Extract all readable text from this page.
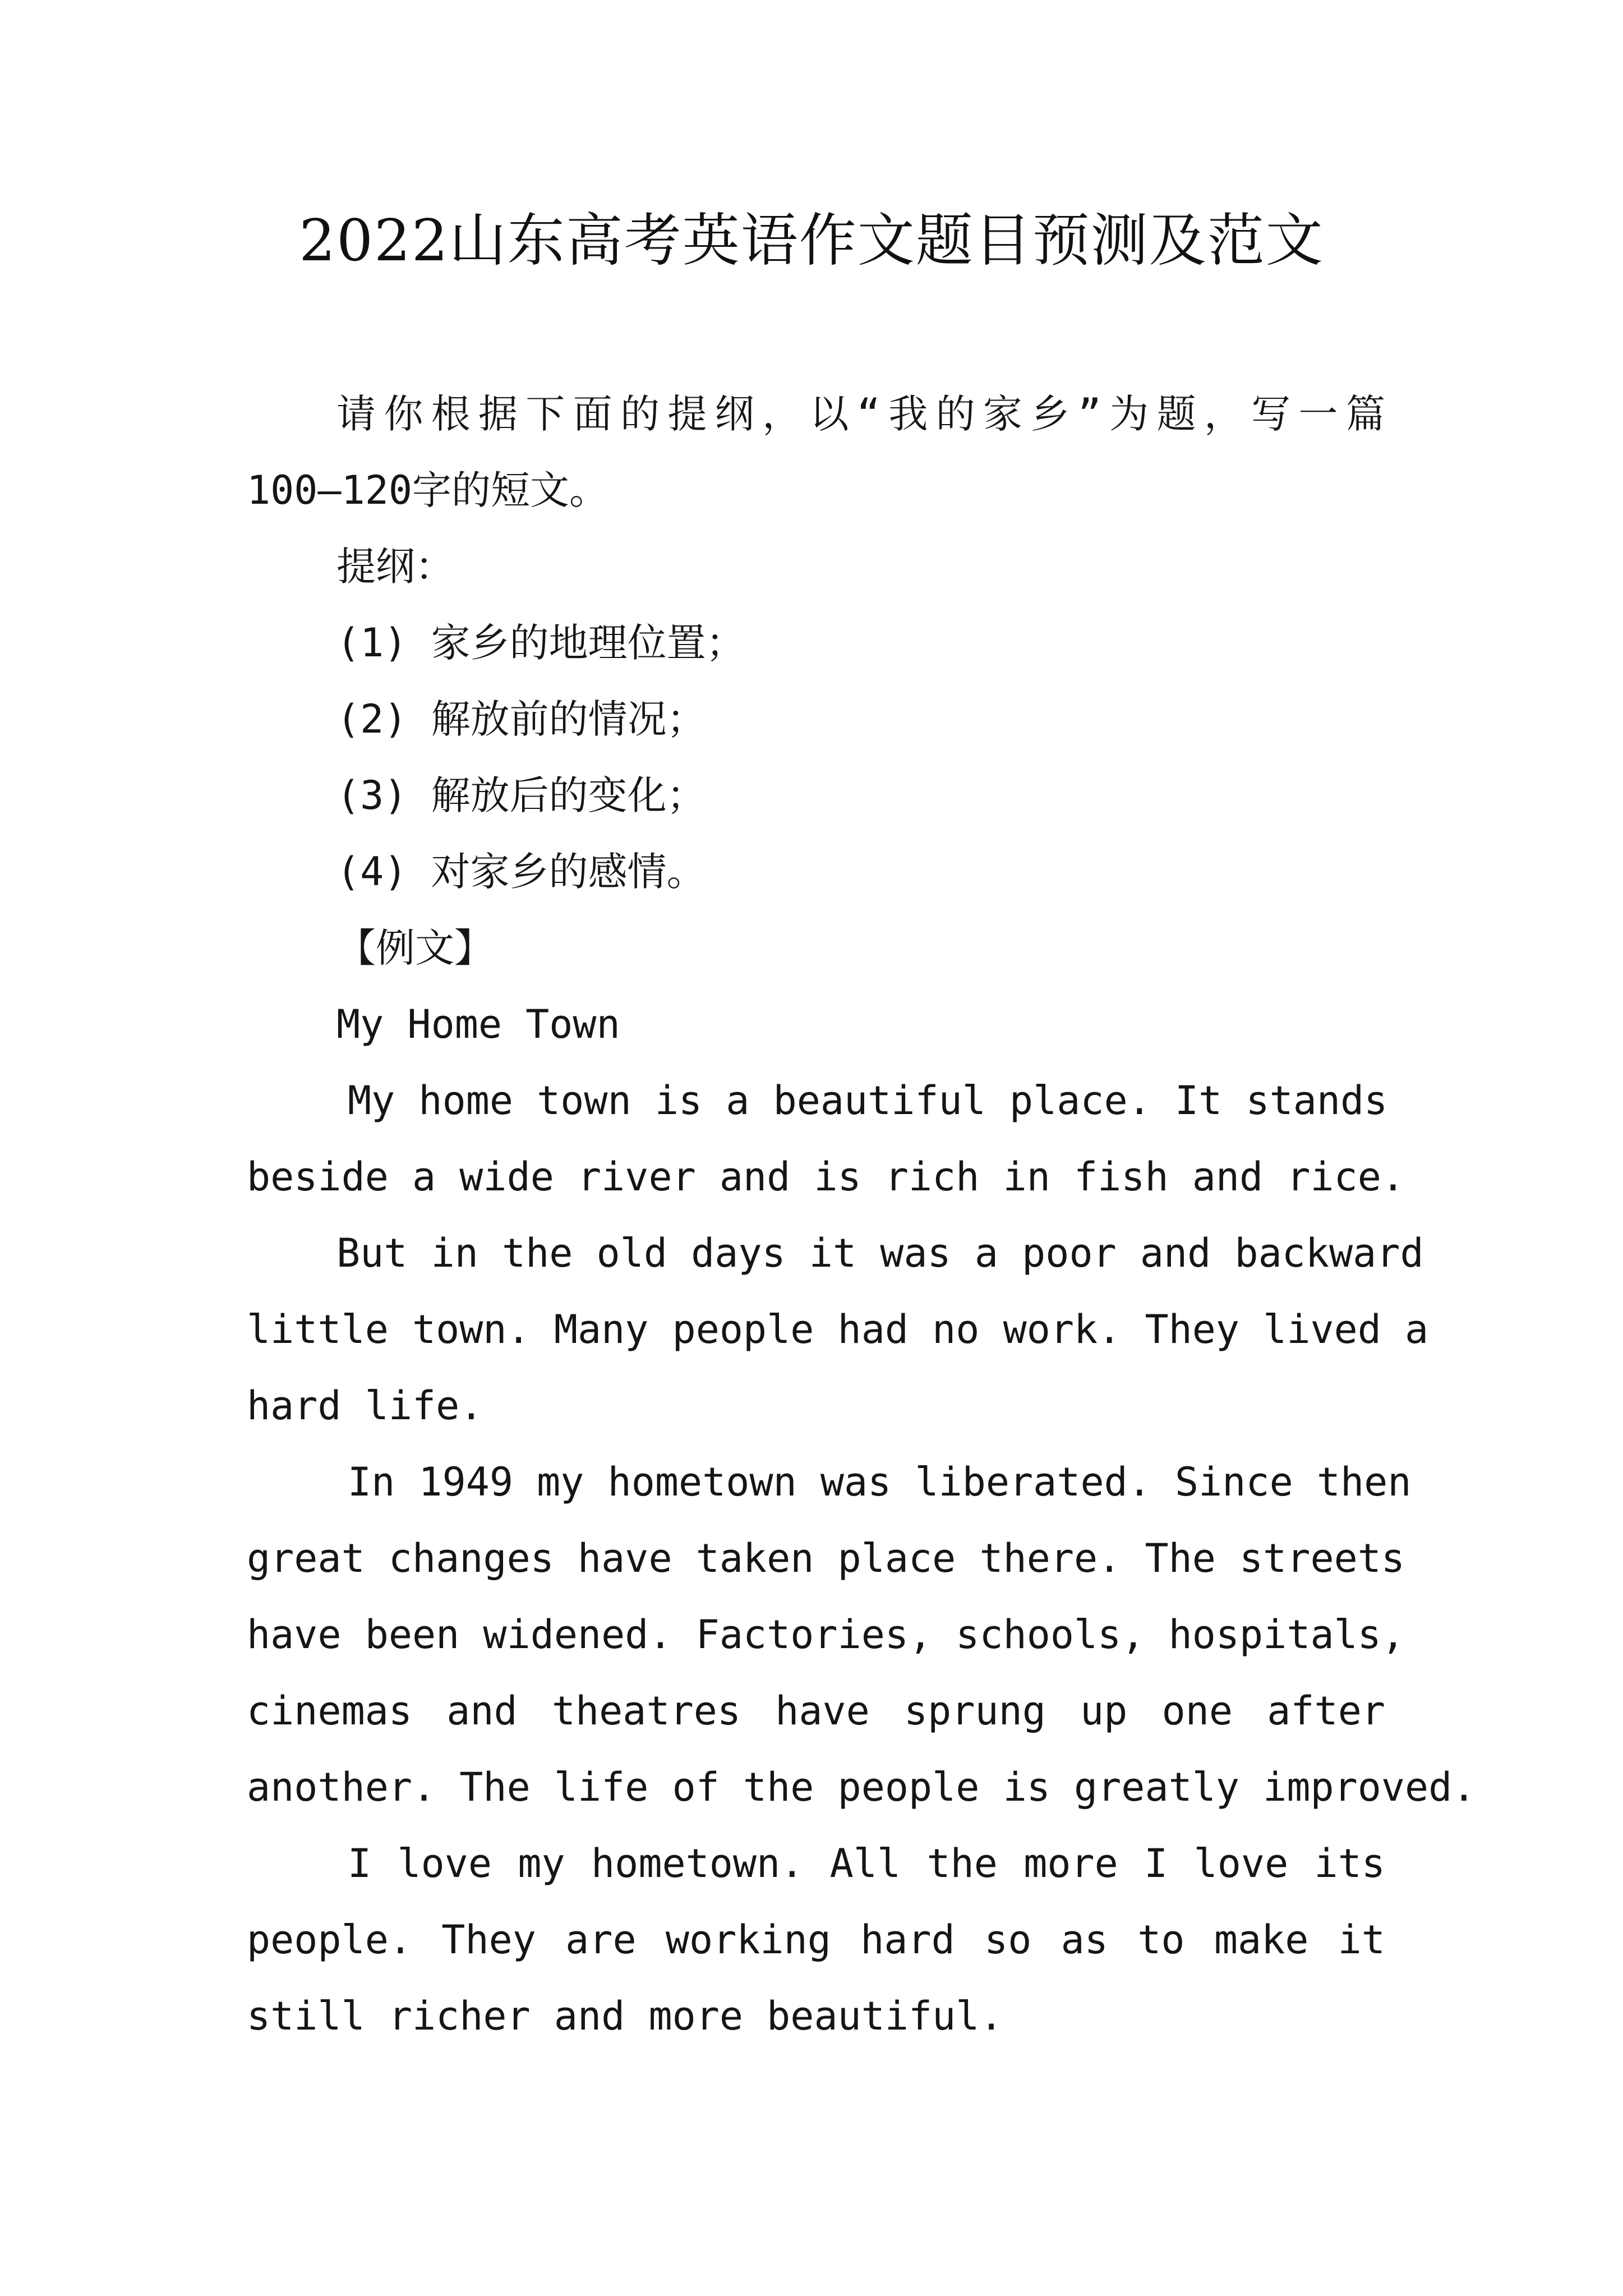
2022山东高考英语作文题目预测及范文
请你根据下面的提纲，以“我的家乡”为题，写一篇
100—120字的短文。
提纲：
(1) 家乡的地理位置；
(2) 解放前的情况；
(3) 解放后的变化；
(4) 对家乡的感情。
【例文】
My Home Town
My home town is a beautiful place. It stands
beside a wide river and is rich in fish and rice.
But in the old days it was a poor and backward
little town. Many people had no work. They lived a
hard life.
In 1949 my hometown was liberated. Since then
great changes have taken place there. The streets
have been widened. Factories, schools, hospitals,
cinemas and theatres have sprung up one after
another. The life of the people is greatly improved.
I love my hometown. All the more I love its
people. They are working hard so as to make it
still richer and more beautiful.
